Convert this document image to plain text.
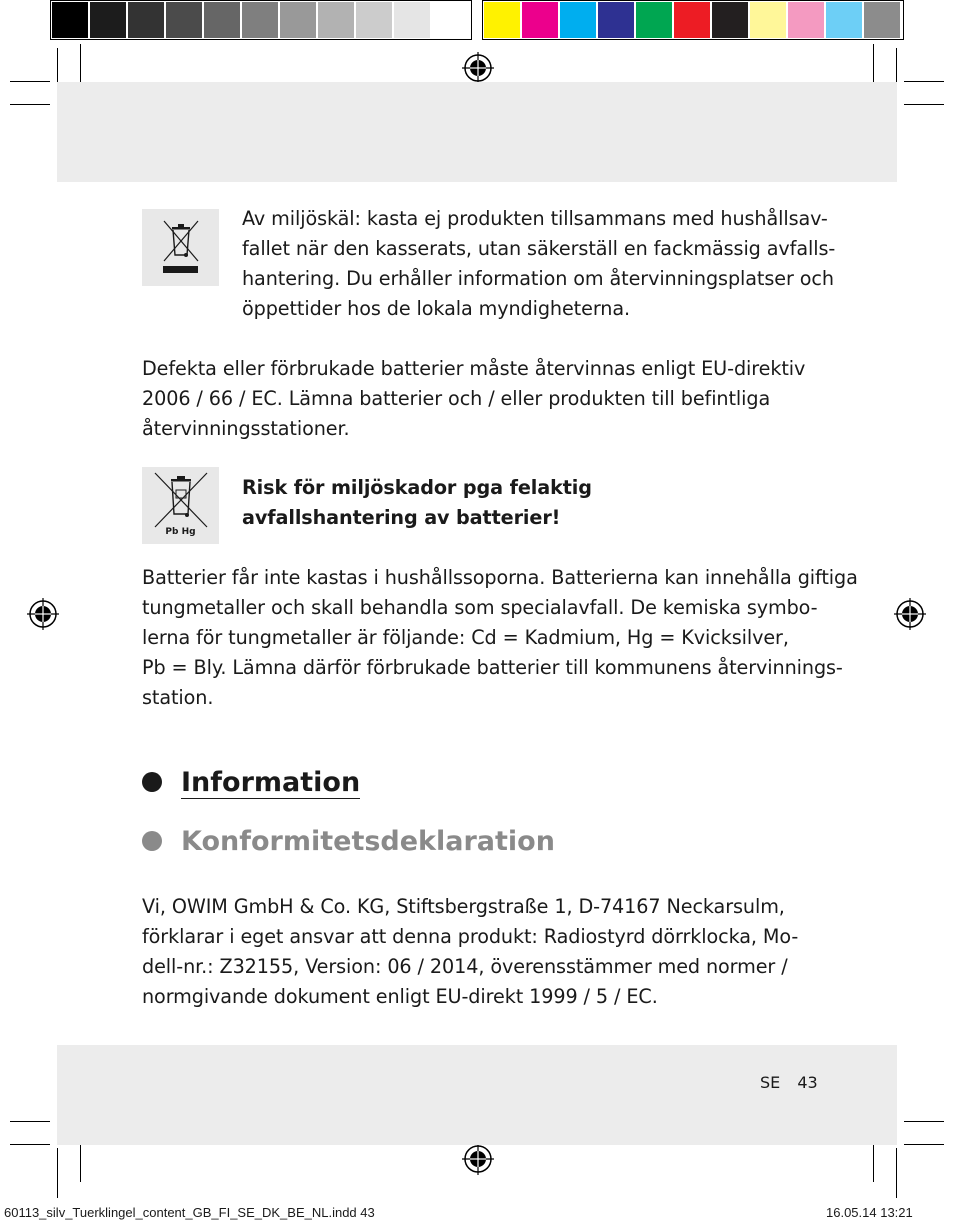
Av miljöskäl: kasta ej produkten tillsammans med hushållsav-
fallet när den kasserats, utan säkerställ en fackmässig avfalls-
hantering. Du erhåller information om återvinningsplatser och
öppettider hos de lokala myndigheterna.
Defekta eller förbrukade batterier måste återvinnas enligt EU-direktiv
2006 / 66 / EC. Lämna batterier och / eller produkten till befintliga
återvinningsstationer.
Pb Hg
Risk för miljöskador pga felaktig
avfallshantering av batterier!
Batterier får inte kastas i hushållssoporna. Batterierna kan innehålla giftiga
tungmetaller och skall behandla som specialavfall. De kemiska symbo-
lerna för tungmetaller är följande: Cd = Kadmium, Hg = Kvicksilver,
Pb = Bly. Lämna därför förbrukade batterier till kommunens återvinnings-
station.
Information
Konformitetsdeklaration
Vi, OWIM GmbH & Co. KG, Stiftsbergstraße 1, D-74167 Neckarsulm,
förklarar i eget ansvar att denna produkt: Radiostyrd dörrklocka, Mo-
dell-nr.: Z32155, Version: 06 / 2014, överensstämmer med normer /
normgivande dokument enligt EU-direkt 1999 / 5 / EC.
SE 43
60113_silv_Tuerklingel_content_GB_FI_SE_DK_BE_NL.indd 43	16.05.14 13:21
